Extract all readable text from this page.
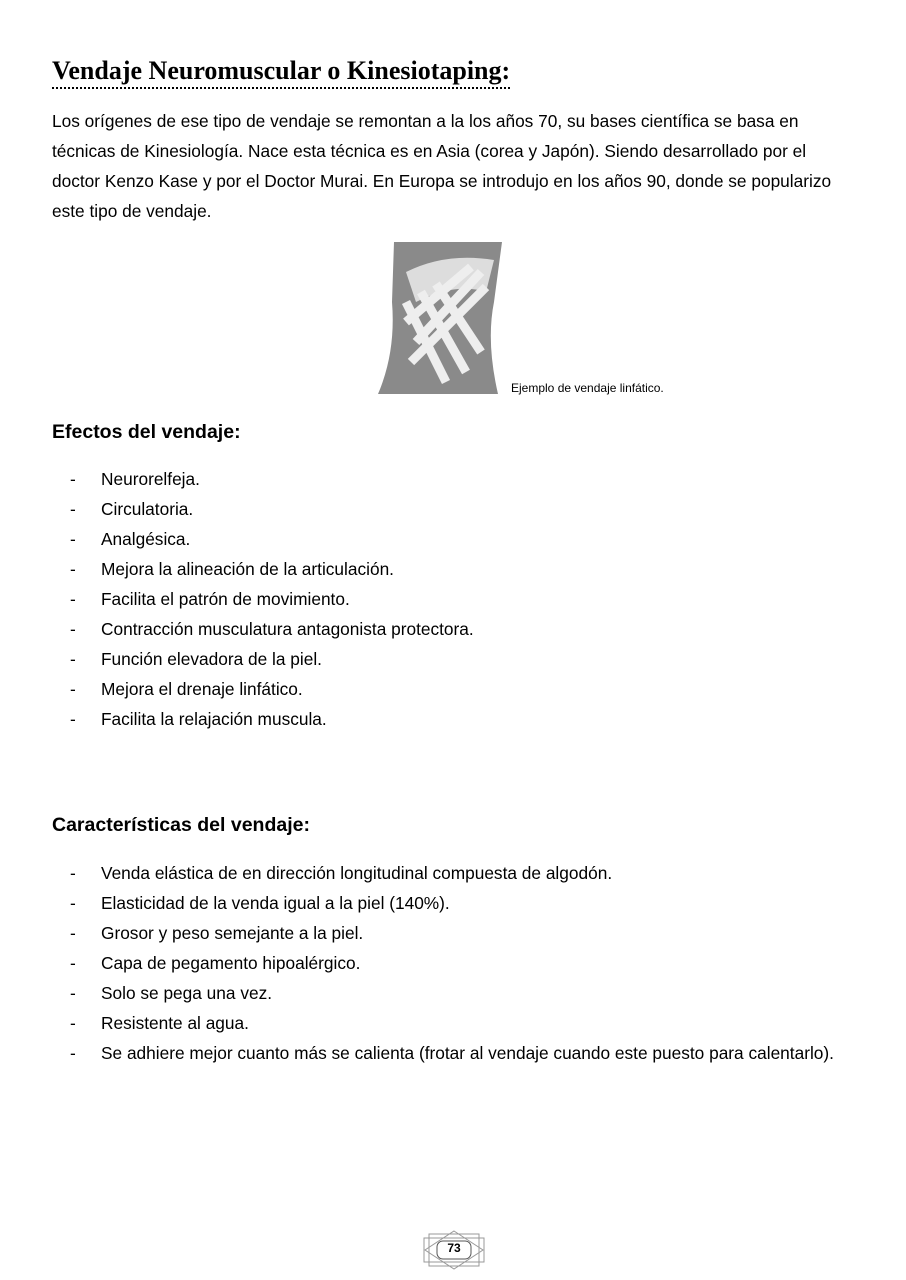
Vendaje Neuromuscular o Kinesiotaping:
Los orígenes de ese tipo de vendaje se remontan a la los años 70, su bases científica se basa en técnicas de Kinesiología. Nace esta técnica es en Asia (corea y Japón). Siendo desarrollado por el doctor Kenzo Kase y por el Doctor Murai. En Europa se introdujo en los años 90, donde se popularizo este tipo de vendaje.
Ejemplo de vendaje linfático.
Efectos del vendaje:
- Neurorelfeja.
- Circulatoria.
- Analgésica.
- Mejora la alineación de la articulación.
- Facilita el patrón de movimiento.
- Contracción musculatura antagonista protectora.
- Función elevadora de la piel.
- Mejora el drenaje linfático.
- Facilita la relajación muscula.
Características del vendaje:
- Venda elástica de en dirección longitudinal compuesta de algodón.
- Elasticidad de la venda igual a la piel (140%).
- Grosor y peso semejante a la piel.
- Capa de pegamento hipoalérgico.
- Solo se pega una vez.
- Resistente al agua.
- Se adhiere mejor cuanto más se calienta (frotar al vendaje cuando este puesto para calentarlo).
73
